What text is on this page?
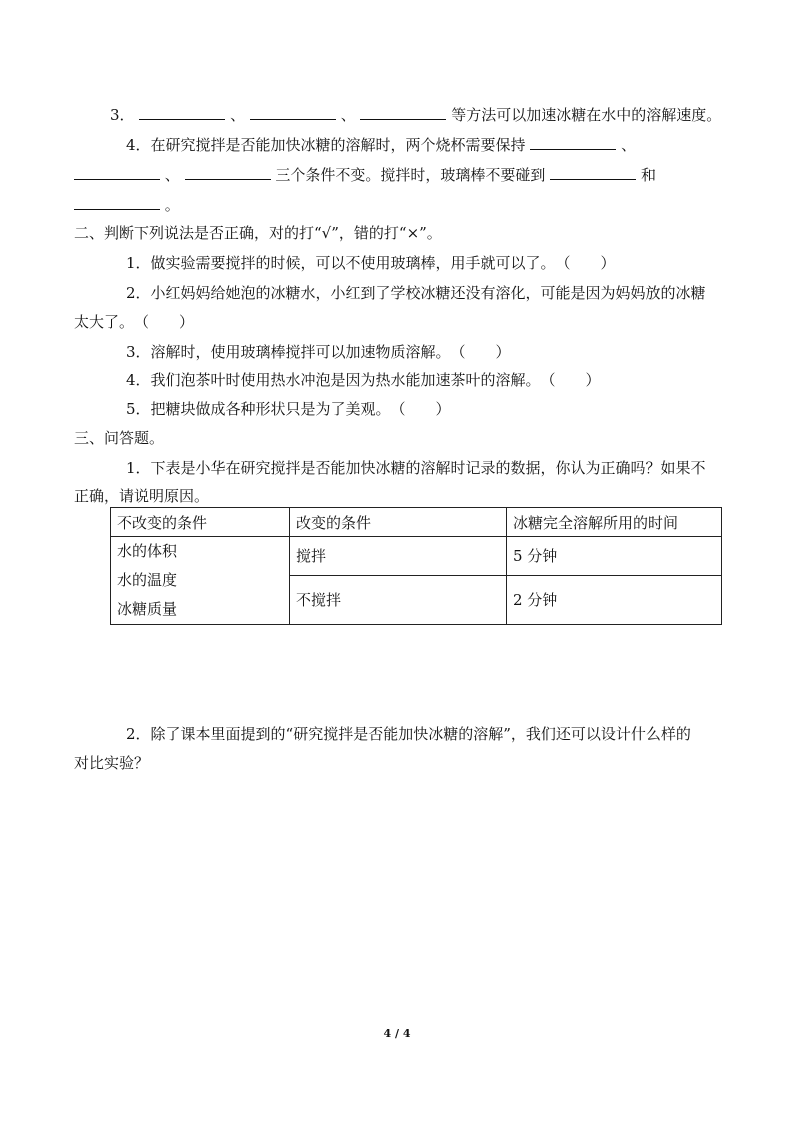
3．	、	、	等方法可以加速冰糖在水中的溶解速度。
4．在研究搅拌是否能加快冰糖的溶解时，两个烧杯需要保持	、
、	三个条件不变。搅拌时，玻璃棒不要碰到	和
。
二、判断下列说法是否正确，对的打“√”，错的打“×”。
1．做实验需要搅拌的时候，可以不使用玻璃棒，用手就可以了。（　　）
2．小红妈妈给她泡的冰糖水，小红到了学校冰糖还没有溶化，可能是因为妈妈放的冰糖
太大了。（　　）
3．溶解时，使用玻璃棒搅拌可以加速物质溶解。（　　）
4．我们泡茶叶时使用热水冲泡是因为热水能加速茶叶的溶解。（　　）
5．把糖块做成各种形状只是为了美观。（　　）
三、问答题。
1．下表是小华在研究搅拌是否能加快冰糖的溶解时记录的数据，你认为正确吗？如果不
正确，请说明原因。
不改变的条件	改变的条件	冰糖完全溶解所用的时间

水的体积
水的温度
冰糖质量	搅拌	5 分钟
	不搅拌	2 分钟
2．除了课本里面提到的“研究搅拌是否能加快冰糖的溶解”，我们还可以设计什么样的
对比实验？
4 / 4
